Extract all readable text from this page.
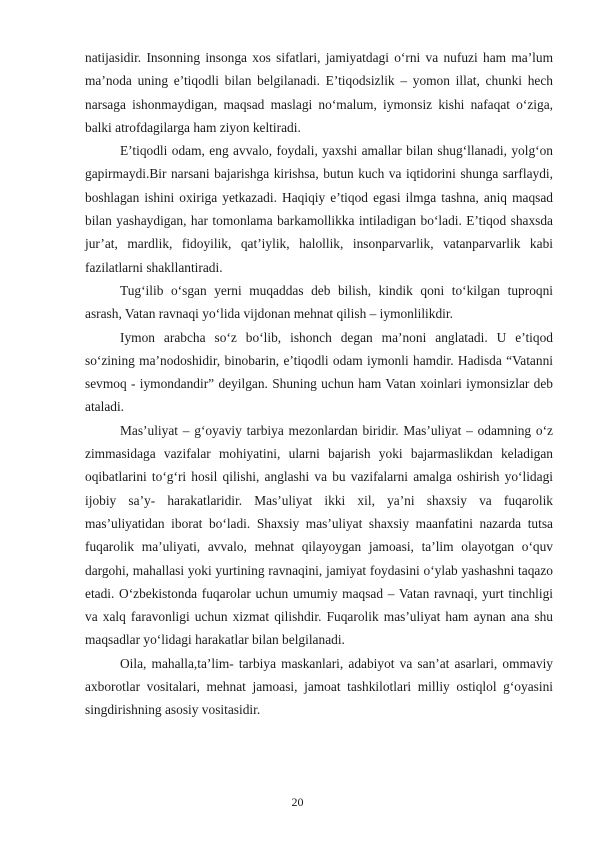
natijasidir. Insonning insonga xos sifatlari, jamiyatdagi o‘rni va nufuzi ham ma’lum ma’noda uning e’tiqodli bilan belgilanadi. E’tiqodsizlik – yomon illat, chunki hech narsaga ishonmaydigan, maqsad maslagi no‘malum, iymonsiz kishi nafaqat o‘ziga, balki atrofdagilarga ham ziyon keltiradi.

E’tiqodli odam, eng avvalo, foydali, yaxshi amallar bilan shug‘llanadi, yolg‘on gapirmaydi.Bir narsani bajarishga kirishsa, butun kuch va iqtidorini shunga sarflaydi, boshlagan ishini oxiriga yetkazadi. Haqiqiy e’tiqod egasi ilmga tashna, aniq maqsad bilan yashaydigan, har tomonlama barkamollikka intiladigan bo‘ladi. E’tiqod shaxsda jur’at, mardlik, fidoyilik, qat’iylik, halollik, insonparvarlik, vatanparvarlik kabi fazilatlarni shakllantiradi.

Tug‘ilib o‘sgan yerni muqaddas deb bilish, kindik qoni to‘kilgan tuproqni asrash, Vatan ravnaqi yo‘lida vijdonan mehnat qilish – iymonlilikdir.

Iymon arabcha so‘z bo‘lib, ishonch degan ma’noni anglatadi. U e’tiqod so‘zining ma’nodoshidir, binobarin, e’tiqodli odam iymonli hamdir. Hadisda “Vatanni sevmoq - iymondandir” deyilgan. Shuning uchun ham Vatan xoinlari iymonsizlar deb ataladi.

Mas’uliyat – g‘oyaviy tarbiya mezonlardan biridir. Mas’uliyat – odamning o‘z zimmasidaga vazifalar mohiyatini, ularni bajarish yoki bajarmaslikdan keladigan oqibatlarini to‘g‘ri hosil qilishi, anglashi va bu vazifalarni amalga oshirish yo‘lidagi ijobiy sa’y- harakatlaridir. Mas’uliyat ikki xil, ya’ni shaxsiy va fuqarolik mas’uliyatidan iborat bo‘ladi. Shaxsiy mas’uliyat shaxsiy maanfatini nazarda tutsa fuqarolik ma’uliyati, avvalo, mehnat qilayoygan jamoasi, ta’lim olayotgan o‘quv dargohi, mahallasi yoki yurtining ravnaqini, jamiyat foydasini o‘ylab yashashni taqazo etadi. O‘zbekistonda fuqarolar uchun umumiy maqsad – Vatan ravnaqi, yurt tinchligi va xalq faravonligi uchun xizmat qilishdir. Fuqarolik mas’uliyat ham aynan ana shu maqsadlar yo‘lidagi harakatlar bilan belgilanadi.

Oila, mahalla,ta’lim- tarbiya maskanlari, adabiyot va san’at asarlari, ommaviy axborotlar vositalari, mehnat jamoasi, jamoat tashkilotlari milliy ostiqlol g‘oyasini singdirishning asosiy vositasidir.

20
